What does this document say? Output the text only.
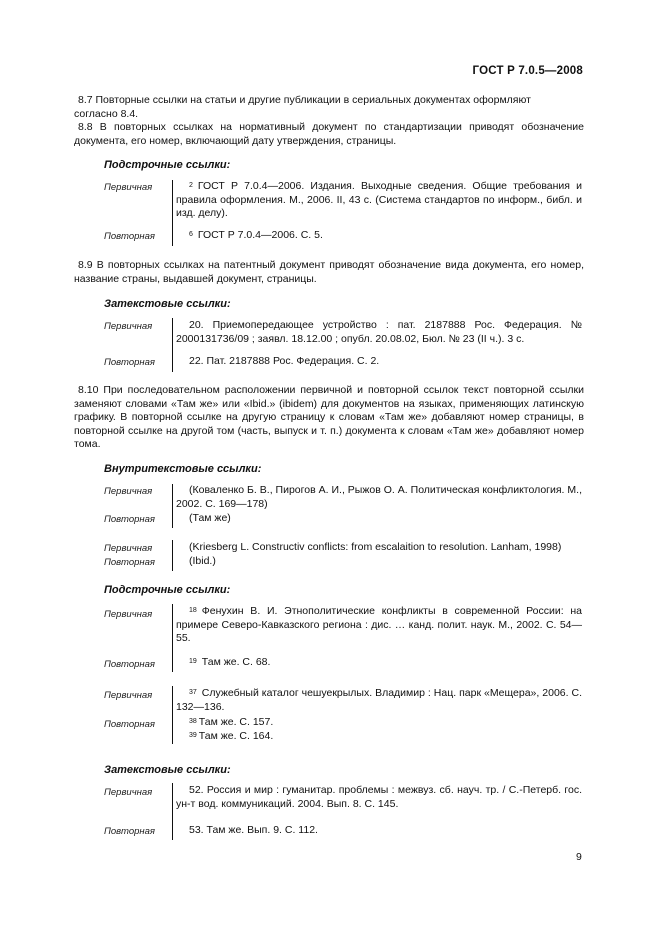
ГОСТ Р 7.0.5—2008
8.7 Повторные ссылки на статьи и другие публикации в сериальных документах оформляют
согласно 8.4.
8.8 В повторных ссылках на нормативный документ по стандартизации приводят обозначение документа, его номер, включающий дату утверждения, страницы.
Подстрочные ссылки:
Первичная	$^2$ ГОСТ Р 7.0.4—2006. Издания. Выходные сведения. Общие требования и правила оформления. М., 2006. II, 43 с. (Система стандартов по информ., библ. и изд. делу).
Повторная	$^6$ ГОСТ Р 7.0.4—2006. С. 5.
8.9 В повторных ссылках на патентный документ приводят обозначение вида документа, его номер, название страны, выдавшей документ, страницы.
Затекстовые ссылки:
Первичная	20. Приемопередающее устройство : пат. 2187888 Рос. Федерация. № 2000131736/09 ; заявл. 18.12.00 ; опубл. 20.08.02, Бюл. № 23 (II ч.). 3 с.
Повторная	22. Пат. 2187888 Рос. Федерация. С. 2.
8.10 При последовательном расположении первичной и повторной ссылок текст повторной ссылки заменяют словами «Там же» или «Ibid.» (ibidem) для документов на языках, применяющих латинскую графику. В повторной ссылке на другую страницу к словам «Там же» добавляют номер страницы, в повторной ссылке на другой том (часть, выпуск и т. п.) документа к словам «Там же» добавляют номер тома.
Внутритекстовые ссылки:
Первичная	(Коваленко Б. В., Пирогов А. И., Рыжов О. А. Политическая конфликтология. М., 2002. С. 169—178)
Повторная	(Там же)
Первичная	(Kriesberg L. Constructiv conflicts: from escalaition to resolution. Lanham, 1998)
Повторная	(Ibid.)
Подстрочные ссылки:
Первичная	$^{18}$ Фенухин В. И. Этнополитические конфликты в современной России: на примере Северо-Кавказского региона : дис. … канд. полит. наук. М., 2002. С. 54—55.
Повторная	$^{19}$ Там же. С. 68.
Первичная	$^{37}$ Служебный каталог чешуекрылых. Владимир : Нац. парк «Мещера», 2006. С. 132—136.
Повторная	$^{38}$ Там же. С. 157.
$^{39}$ Там же. С. 164.
Затекстовые ссылки:
Первичная	52. Россия и мир : гуманитар. проблемы : межвуз. сб. науч. тр. / С.-Петерб. гос. ун-т вод. коммуникаций. 2004. Вып. 8. С. 145.
Повторная	53. Там же. Вып. 9. С. 112.
9
